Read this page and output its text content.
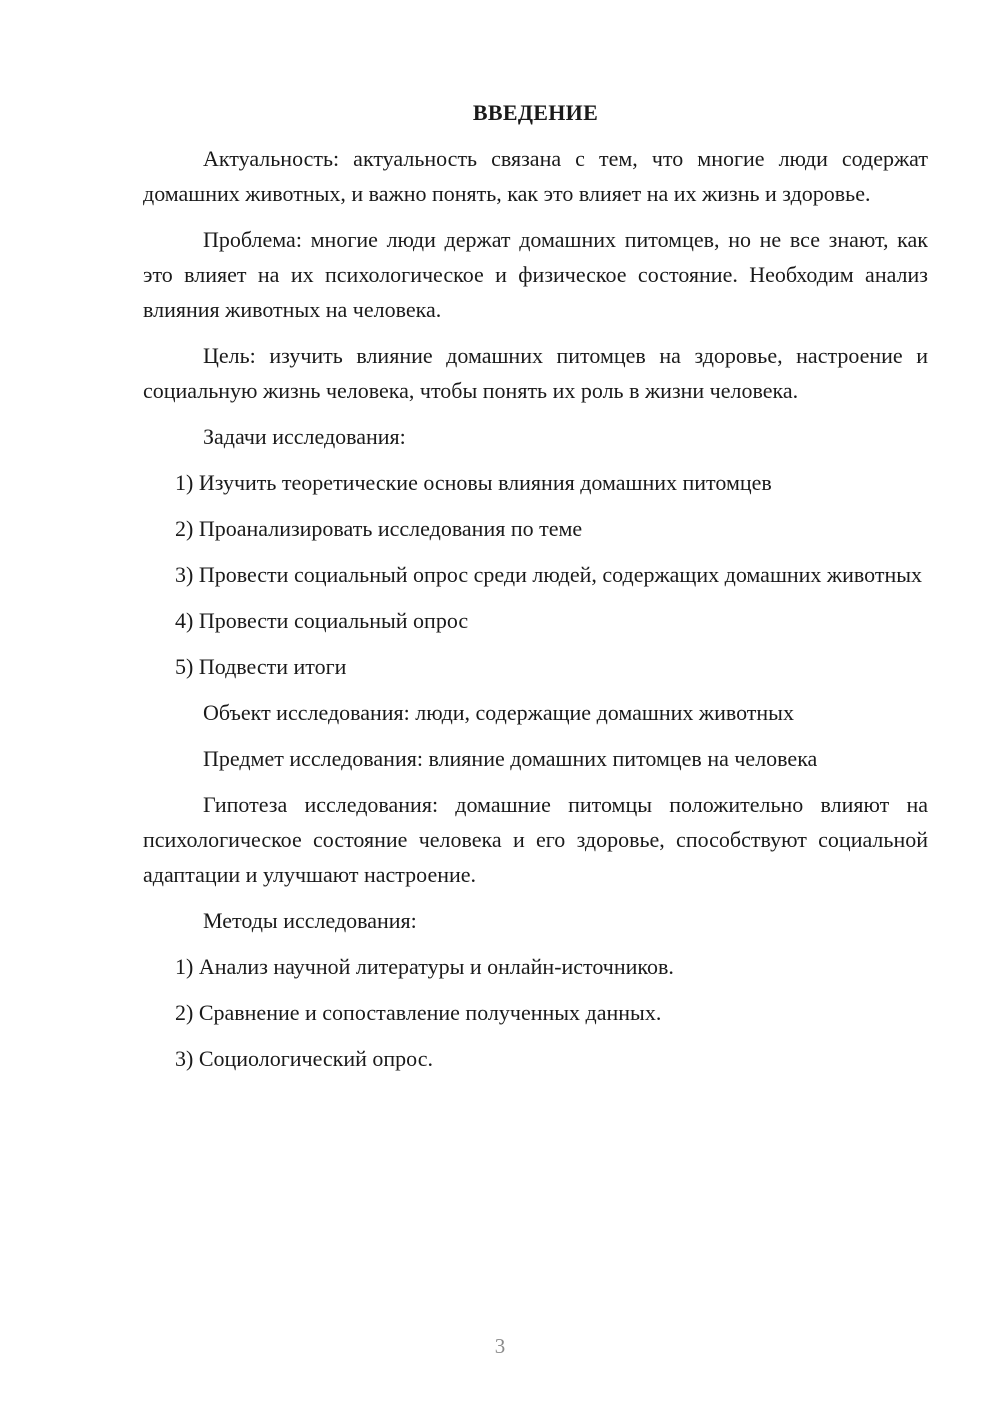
ВВЕДЕНИЕ
Актуальность: актуальность связана с тем, что многие люди содержат домашних животных, и важно понять, как это влияет на их жизнь и здоровье.
Проблема: многие люди держат домашних питомцев, но не все знают, как это влияет на их психологическое и физическое состояние. Необходим анализ влияния животных на человека.
Цель: изучить влияние домашних питомцев на здоровье, настроение и социальную жизнь человека, чтобы понять их роль в жизни человека.
Задачи исследования:
1) Изучить теоретические основы влияния домашних питомцев
2) Проанализировать исследования по теме
3) Провести социальный опрос среди людей, содержащих домашних животных
4) Провести социальный опрос
5) Подвести итоги
Объект исследования: люди, содержащие домашних животных
Предмет исследования: влияние домашних питомцев на человека
Гипотеза исследования: домашние питомцы положительно влияют на психологическое состояние человека и его здоровье, способствуют социальной адаптации и улучшают настроение.
Методы исследования:
1) Анализ научной литературы и онлайн-источников.
2) Сравнение и сопоставление полученных данных.
3) Социологический опрос.
3
